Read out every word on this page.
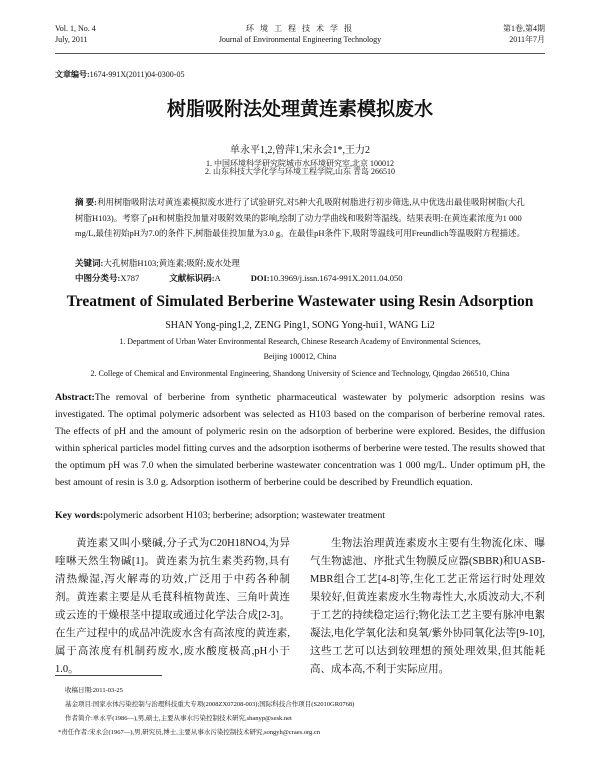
Vol. 1, No. 4
July, 2011
环 境 工 程 技 术 学 报
Journal of Environmental Engineering Technology
第1卷,第4期
2011年7月
文章编号:1674-991X(2011)04-0300-05
树脂吸附法处理黄连素模拟废水
单永平1,2,曾萍1,宋永会1*,王力2
1. 中国环境科学研究院城市水环境研究室,北京 100012
2. 山东科技大学化学与环境工程学院,山东 青岛 266510
摘 要:利用树脂吸附法对黄连素模拟废水进行了试验研究,对5种大孔吸附树脂进行初步筛选,从中优选出最佳吸附树脂(大孔树脂H103)。考察了pH和树脂投加量对吸附效果的影响,绘制了动力学曲线和吸附等温线。结果表明:在黄连素浓度为1 000 mg/L,最佳初始pH为7.0的条件下,树脂最佳投加量为3.0 g。在最佳pH条件下,吸附等温线可用Freundlich等温吸附方程描述。
关键词:大孔树脂H103;黄连素;吸附;废水处理
中图分类号:X787	文献标识码:A	DOI:10.3969/j.issn.1674-991X.2011.04.050
Treatment of Simulated Berberine Wastewater using Resin Adsorption
SHAN Yong-ping1,2, ZENG Ping1, SONG Yong-hui1, WANG Li2
1. Department of Urban Water Environmental Research, Chinese Research Academy of Environmental Sciences,
Beijing 100012, China
2. College of Chemical and Environmental Engineering, Shandong University of Science and Technology, Qingdao 266510, China
Abstract:The removal of berberine from synthetic pharmaceutical wastewater by polymeric adsorption resins was investigated. The optimal polymeric adsorbent was selected as H103 based on the comparison of berberine removal rates. The effects of pH and the amount of polymeric resin on the adsorption of berberine were explored. Besides, the diffusion within spherical particles model fitting curves and the adsorption isotherms of berberine were tested. The results showed that the optimum pH was 7.0 when the simulated berberine wastewater concentration was 1 000 mg/L. Under optimum pH, the best amount of resin is 3.0 g. Adsorption isotherm of berberine could be described by Freundlich equation.
Key words:polymeric adsorbent H103; berberine; adsorption; wastewater treatment
黄连素又叫小檗碱,分子式为C20H18NO4,为异喹啉天然生物碱[1]。黄连素为抗生素类药物,具有清热燥湿,泻火解毒的功效,广泛用于中药各种制剂。黄连素主要是从毛茛科植物黄连、三角叶黄连或云连的干燥根茎中提取或通过化学法合成[2-3]。在生产过程中的成品冲洗废水含有高浓度的黄连素,属于高浓度有机制药废水,废水酸度极高,pH小于1.0。
生物法治理黄连素废水主要有生物流化床、曝气生物滤池、序批式生物膜反应器(SBBR)和UASB-MBR组合工艺[4-8]等,生化工艺正常运行时处理效果较好,但黄连素废水生物毒性大,水质波动大,不利于工艺的持续稳定运行;物化法工艺主要有脉冲电絮凝法,电化学氧化法和臭氧/紫外协同氧化法等[9-10],这些工艺可以达到较理想的预处理效果,但其能耗高、成本高,不利于实际应用。
收稿日期:2011-03-25
基金项目:国家水体污染控制与治理科技重大专项(2008ZX07208-003);国际科技合作项目(S2010GR0768)
作者简介:单永平(1986—),男,硕士,主要从事水污染控制技术研究,shanyp@sesk.net
*责任作者:宋永会(1967—),男,研究员,博士,主要从事水污染控制技术研究,songyh@craes.org.cn
